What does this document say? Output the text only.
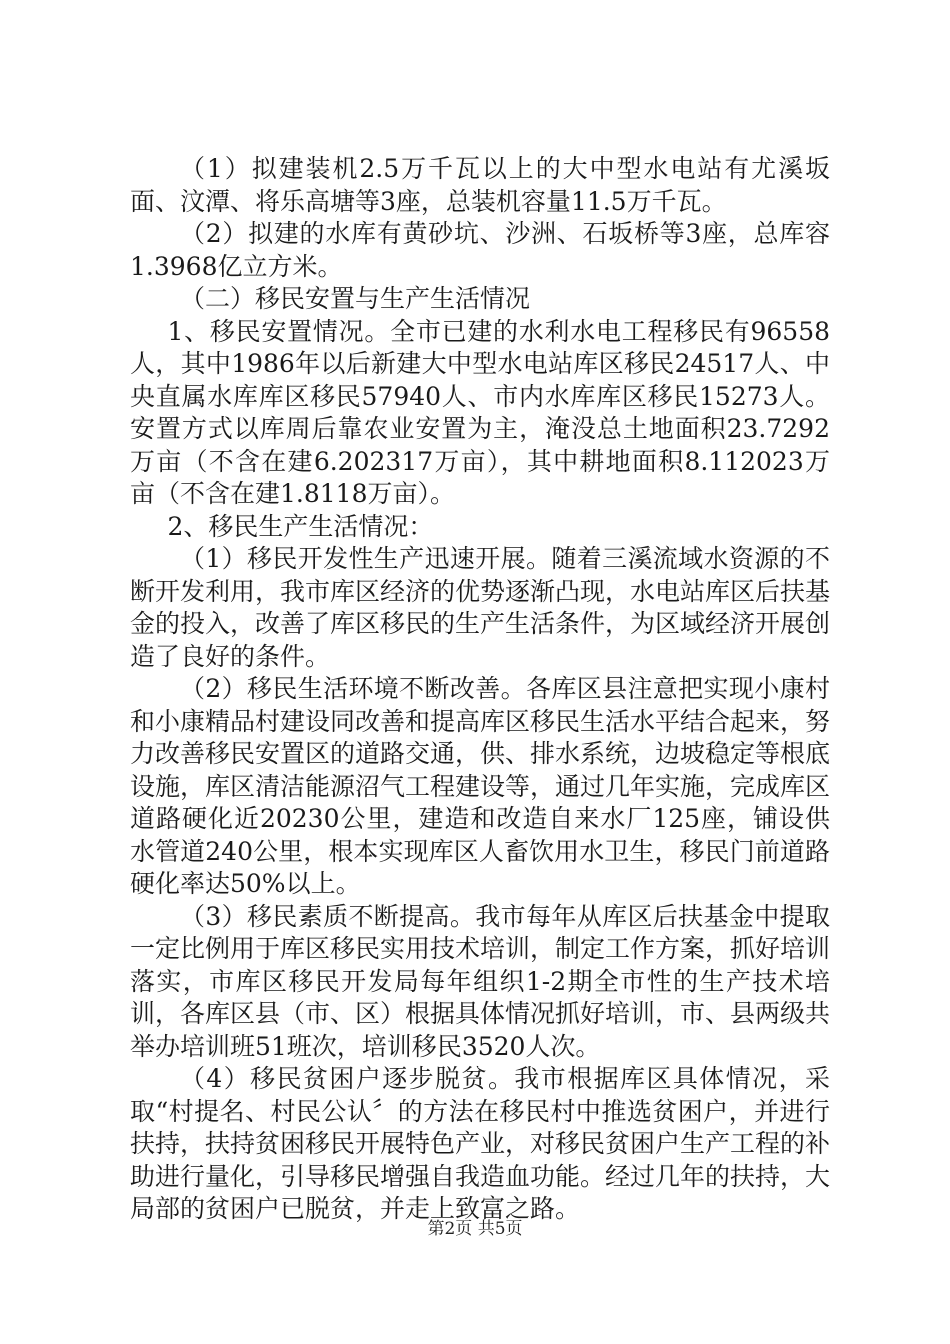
（1）拟建装机2.5万千瓦以上的大中型水电站有尤溪坂面、汶潭、将乐高塘等3座，总装机容量11.5万千瓦。

（2）拟建的水库有黄砂坑、沙洲、石坂桥等3座，总库容1.3968亿立方米。

（二）移民安置与生产生活情况

1、移民安置情况。全市已建的水利水电工程移民有96558人，其中1986年以后新建大中型水电站库区移民24517人、中央直属水库库区移民57940人、市内水库库区移民15273人。安置方式以库周后靠农业安置为主，淹没总土地面积23.7292万亩（不含在建6.202317万亩），其中耕地面积8.112023万亩（不含在建1.8118万亩）。

2、移民生产生活情况：

（1）移民开发性生产迅速开展。随着三溪流域水资源的不断开发利用，我市库区经济的优势逐渐凸现，水电站库区后扶基金的投入，改善了库区移民的生产生活条件，为区域经济开展创造了良好的条件。

（2）移民生活环境不断改善。各库区县注意把实现小康村和小康精品村建设同改善和提高库区移民生活水平结合起来，努力改善移民安置区的道路交通，供、排水系统，边坡稳定等根底设施，库区清洁能源沼气工程建设等，通过几年实施，完成库区道路硬化近20230公里，建造和改造自来水厂125座，铺设供水管道240公里，根本实现库区人畜饮用水卫生，移民门前道路硬化率达50%以上。

（3）移民素质不断提高。我市每年从库区后扶基金中提取一定比例用于库区移民实用技术培训，制定工作方案，抓好培训落实，市库区移民开发局每年组织1-2期全市性的生产技术培训，各库区县（市、区）根据具体情况抓好培训，市、县两级共举办培训班51班次，培训移民3520人次。

（4）移民贫困户逐步脱贫。我市根据库区具体情况，采取“村提名、村民公认〞的方法在移民村中推选贫困户，并进行扶持，扶持贫困移民开展特色产业，对移民贫困户生产工程的补助进行量化，引导移民增强自我造血功能。经过几年的扶持，大局部的贫困户已脱贫，并走上致富之路。

第2页 共5页
